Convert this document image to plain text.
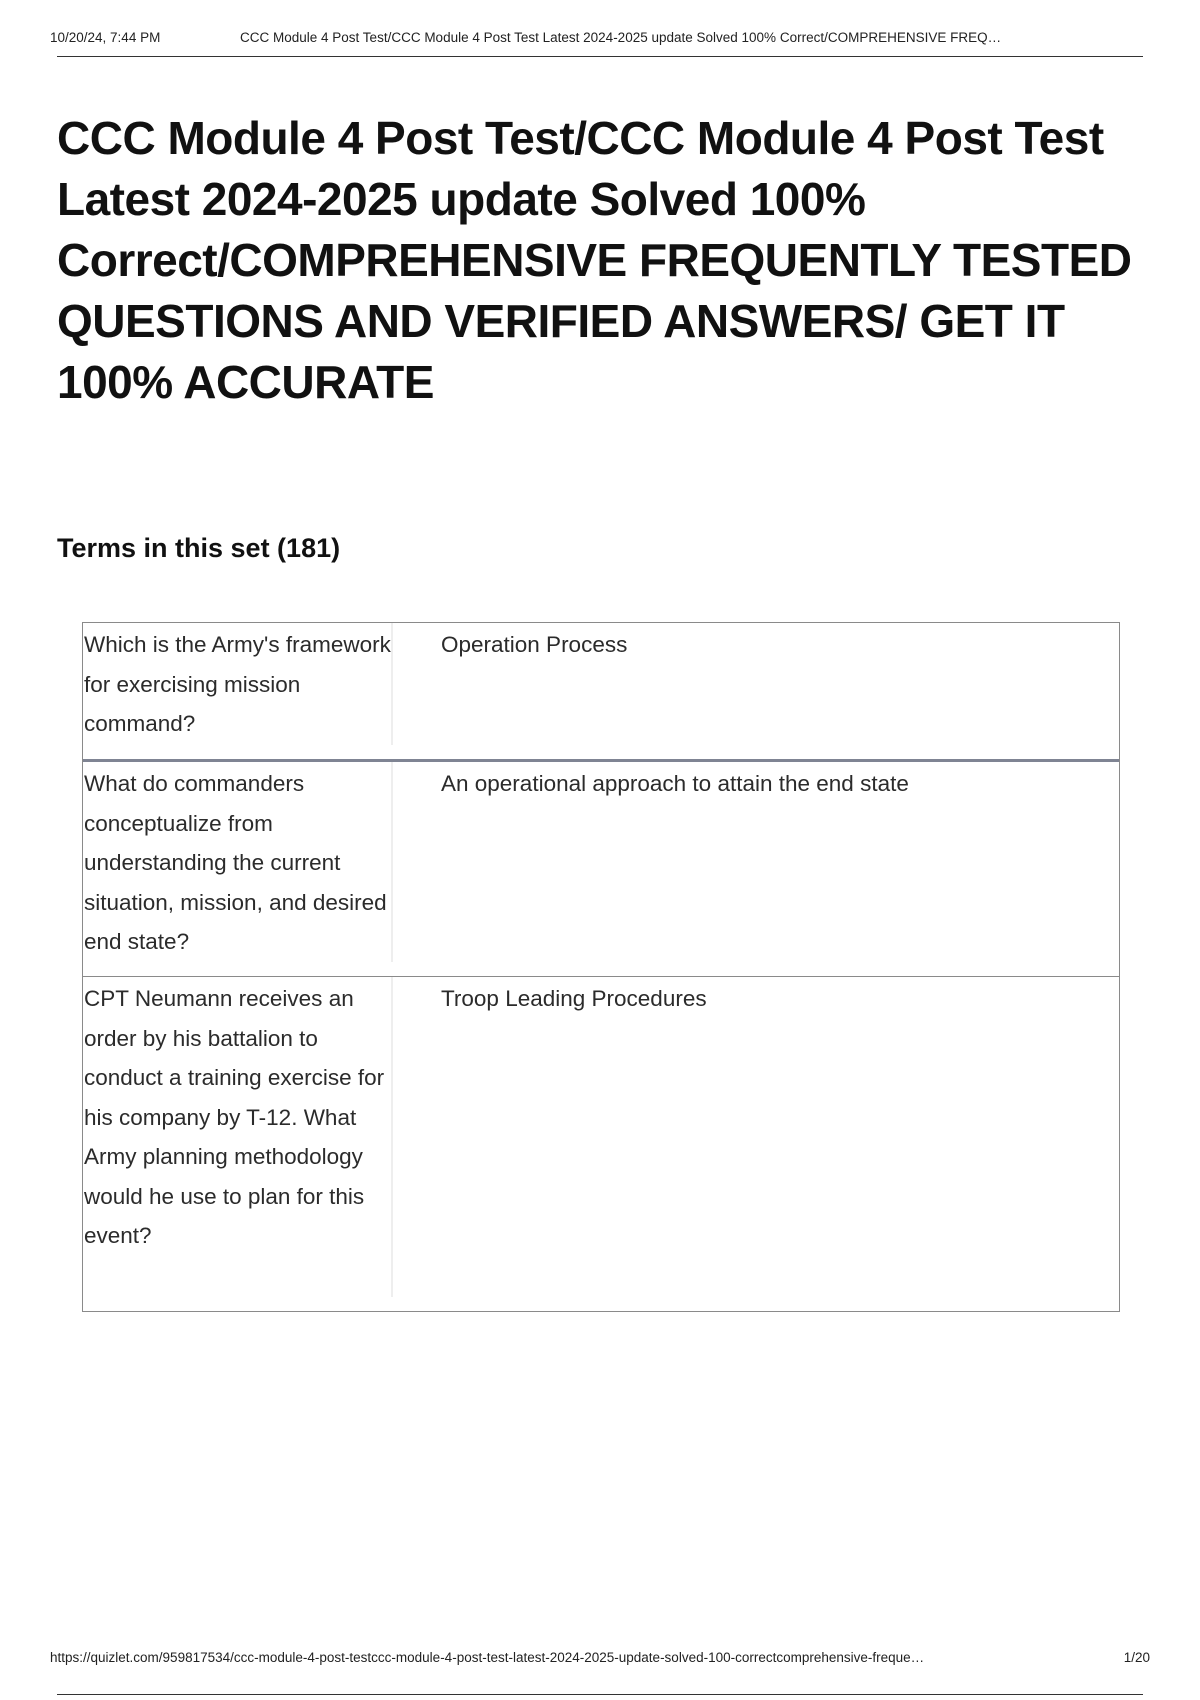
10/20/24, 7:44 PM	CCC Module 4 Post Test/CCC Module 4 Post Test Latest 2024-2025 update Solved 100% Correct/COMPREHENSIVE FREQ…
CCC Module 4 Post Test/CCC Module 4 Post Test Latest 2024-2025 update Solved 100% Correct/COMPREHENSIVE FREQUENTLY TESTED QUESTIONS AND VERIFIED ANSWERS/ GET IT 100% ACCURATE
Terms in this set (181)
Which is the Army's framework for exercising mission command?
Operation Process
What do commanders conceptualize from understanding the current situation, mission, and desired end state?
An operational approach to attain the end state
CPT Neumann receives an order by his battalion to conduct a training exercise for his company by T-12. What Army planning methodology would he use to plan for this event?
Troop Leading Procedures
https://quizlet.com/959817534/ccc-module-4-post-testccc-module-4-post-test-latest-2024-2025-update-solved-100-correctcomprehensive-freque…	1/20
